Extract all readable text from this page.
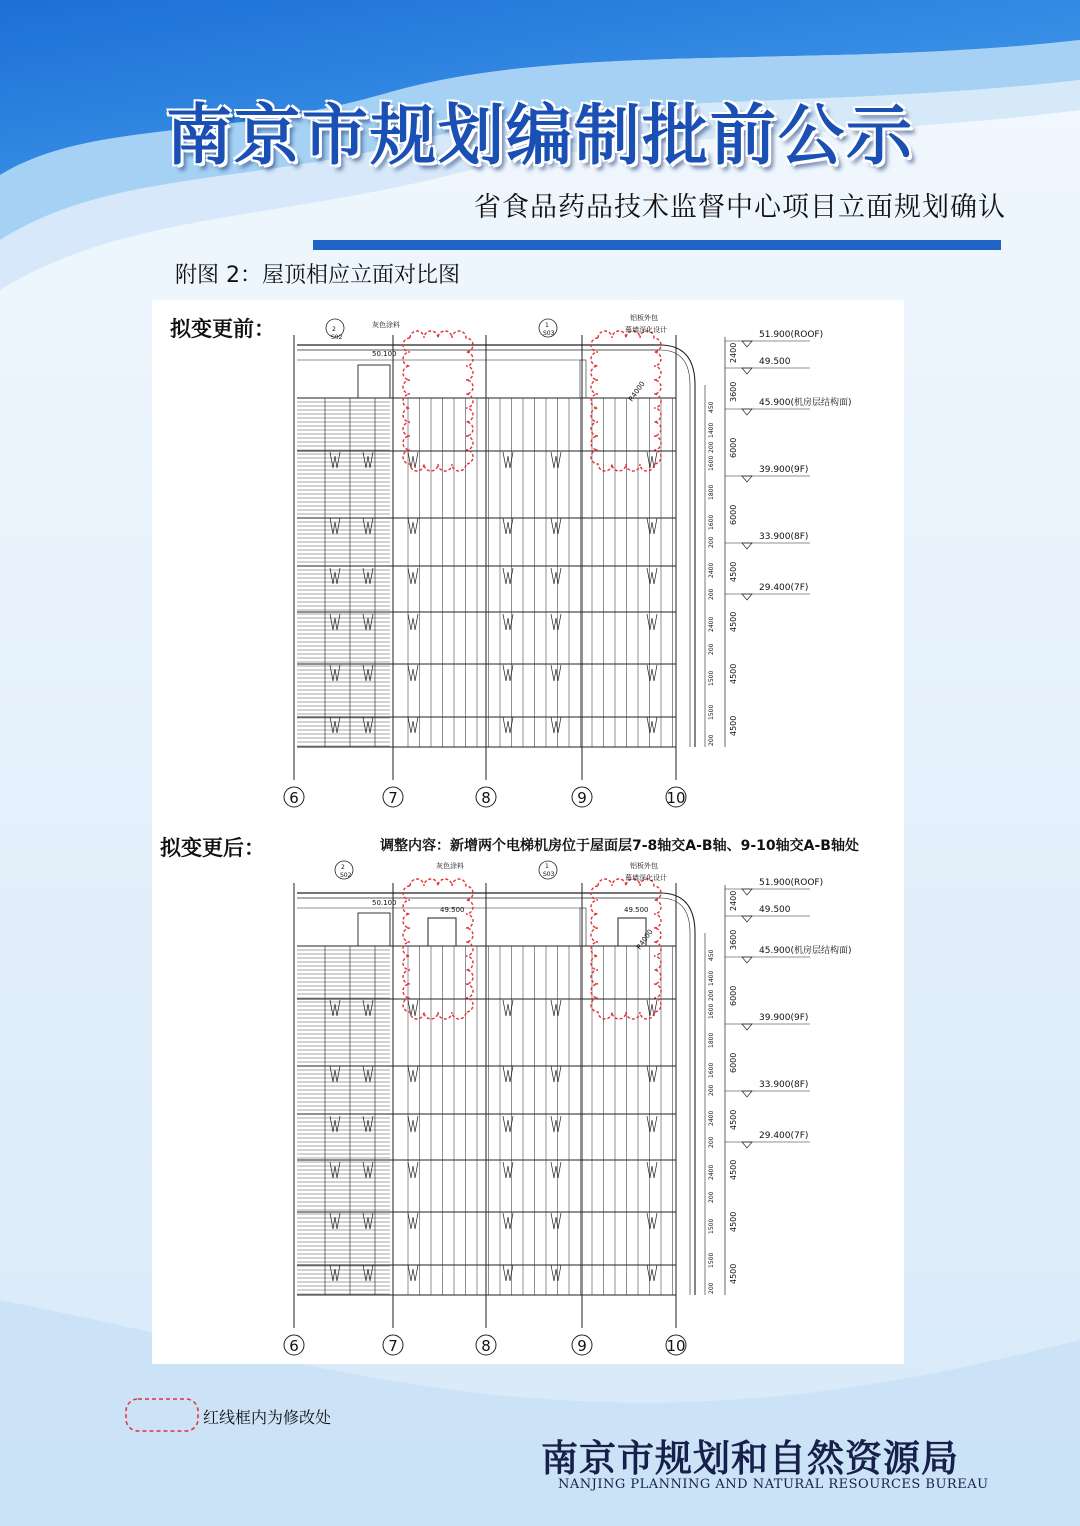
南京市规划编制批前公示
省食品药品技术监督中心项目立面规划确认
附图 2：屋顶相应立面对比图
拟变更前：
拟变更后：	调整内容：新增两个电梯机房位于屋面层7-8轴交A-B轴、9-10轴交A-B轴处
灰色涂料
铝板外包
幕墙深化设计
50.100
R4000
2
S02
1
S03	51.900(ROOF)
49.500
45.900(机房层结构面)
39.900(9F)
33.900(8F)
29.400(7F)
2400
3600
6000
6000
4500
4500
4500
4500
450
1400
200
1600
1800
1600
200
2400
200
2400
200
1500
1500
200
6	7	8	9	10
灰色涂料	铝板外包
幕墙深化设计
50.100
49.500	49.500
R4000
2
S02
1
S03
51.900(ROOF)
49.500
45.900(机房层结构面)
39.900(9F)
33.900(8F)
29.400(7F)
2400
3600
6000
6000
4500
4500
4500
4500
450
1400
200
1600
1800
1600
200
2400
200
2400
200
1500
1500
200
6	7	8	9	10
红线框内为修改处
南京市规划和自然资源局
NANJING PLANNING AND NATURAL RESOURCES BUREAU
